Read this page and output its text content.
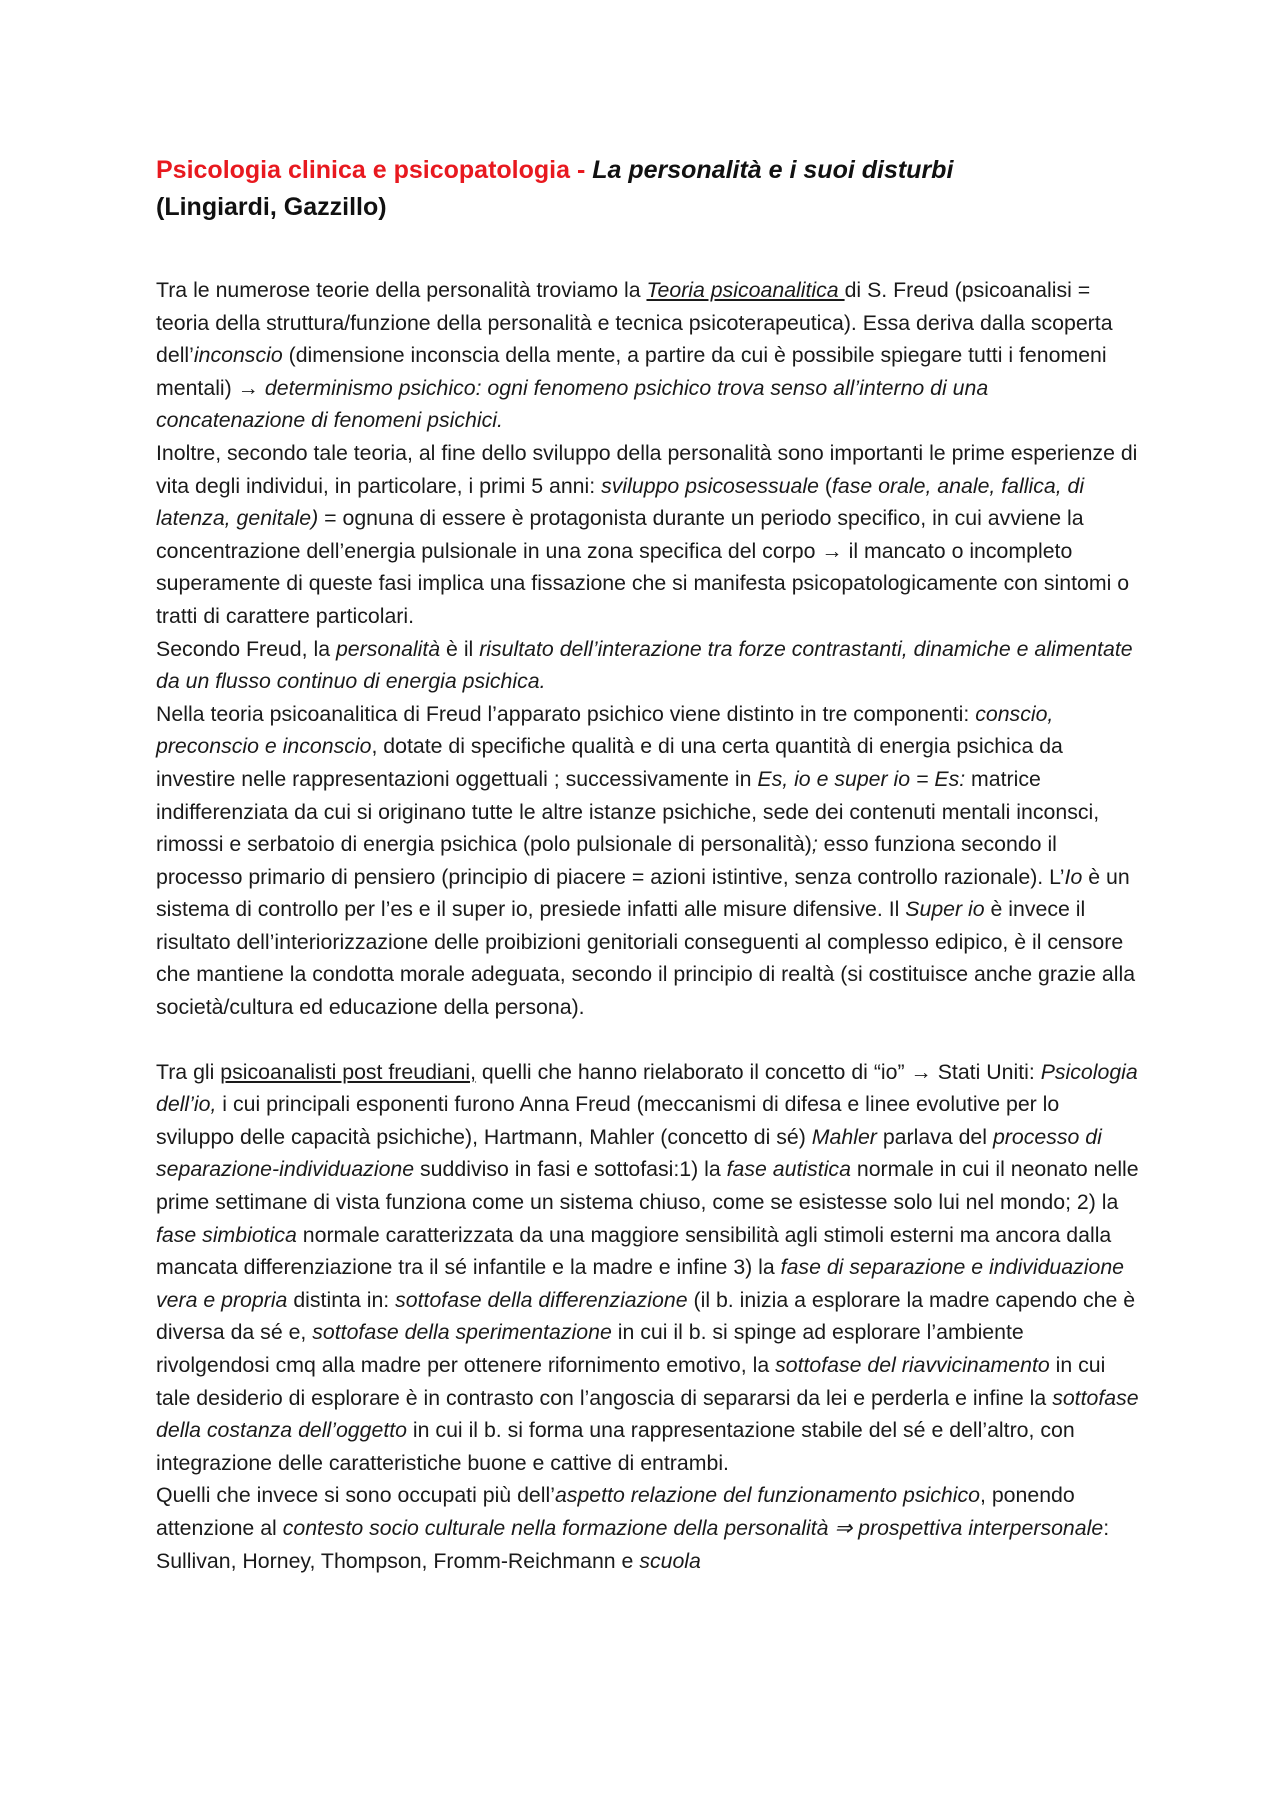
Psicologia clinica e psicopatologia - La personalità e i suoi disturbi
(Lingiardi, Gazzillo)

Tra le numerose teorie della personalità troviamo la Teoria psicoanalitica di S. Freud (psicoanalisi = teoria della struttura/funzione della personalità e tecnica psicoterapeutica). Essa deriva dalla scoperta dell’inconscio (dimensione inconscia della mente, a partire da cui è possibile spiegare tutti i fenomeni mentali) → determinismo psichico: ogni fenomeno psichico trova senso all’interno di una concatenazione di fenomeni psichici.

Inoltre, secondo tale teoria, al fine dello sviluppo della personalità sono importanti le prime esperienze di vita degli individui, in particolare, i primi 5 anni: sviluppo psicosessuale (fase orale, anale, fallica, di latenza, genitale) = ognuna di essere è protagonista durante un periodo specifico, in cui avviene la concentrazione dell’energia pulsionale in una zona specifica del corpo → il mancato o incompleto superamente di queste fasi implica una fissazione che si manifesta psicopatologicamente con sintomi o tratti di carattere particolari.

Secondo Freud, la personalità è il risultato dell’interazione tra forze contrastanti, dinamiche e alimentate da un flusso continuo di energia psichica.

Nella teoria psicoanalitica di Freud l’apparato psichico viene distinto in tre componenti: conscio, preconscio e inconscio, dotate di specifiche qualità e di una certa quantità di energia psichica da investire nelle rappresentazioni oggettuali ; successivamente in Es, io e super io = Es: matrice indifferenziata da cui si originano tutte le altre istanze psichiche, sede dei contenuti mentali inconsci, rimossi e serbatoio di energia psichica (polo pulsionale di personalità); esso funziona secondo il processo primario di pensiero (principio di piacere = azioni istintive, senza controllo razionale). L’Io è un sistema di controllo per l’es e il super io, presiede infatti alle misure difensive. Il Super io è invece il risultato dell’interiorizzazione delle proibizioni genitoriali conseguenti al complesso edipico, è il censore che mantiene la condotta morale adeguata, secondo il principio di realtà (si costituisce anche grazie alla società/cultura ed educazione della persona).

Tra gli psicoanalisti post freudiani, quelli che hanno rielaborato il concetto di “io” → Stati Uniti: Psicologia dell’io, i cui principali esponenti furono Anna Freud (meccanismi di difesa e linee evolutive per lo sviluppo delle capacità psichiche), Hartmann, Mahler (concetto di sé) Mahler parlava del processo di separazione-individuazione suddiviso in fasi e sottofasi:1) la fase autistica normale in cui il neonato nelle prime settimane di vista funziona come un sistema chiuso, come se esistesse solo lui nel mondo; 2) la fase simbiotica normale caratterizzata da una maggiore sensibilità agli stimoli esterni ma ancora dalla mancata differenziazione tra il sé infantile e la madre e infine 3) la fase di separazione e individuazione vera e propria distinta in: sottofase della differenziazione (il b. inizia a esplorare la madre capendo che è diversa da sé e, sottofase della sperimentazione in cui il b. si spinge ad esplorare l’ambiente rivolgendosi cmq alla madre per ottenere rifornimento emotivo, la sottofase del riavvicinamento in cui tale desiderio di esplorare è in contrasto con l’angoscia di separarsi da lei e perderla e infine la sottofase della costanza dell’oggetto in cui il b. si forma una rappresentazione stabile del sé e dell’altro, con integrazione delle caratteristiche buone e cattive di entrambi.

Quelli che invece si sono occupati più dell’aspetto relazione del funzionamento psichico, ponendo attenzione al contesto socio culturale nella formazione della personalità ⇒ prospettiva interpersonale: Sullivan, Horney, Thompson, Fromm-Reichmann e scuola
